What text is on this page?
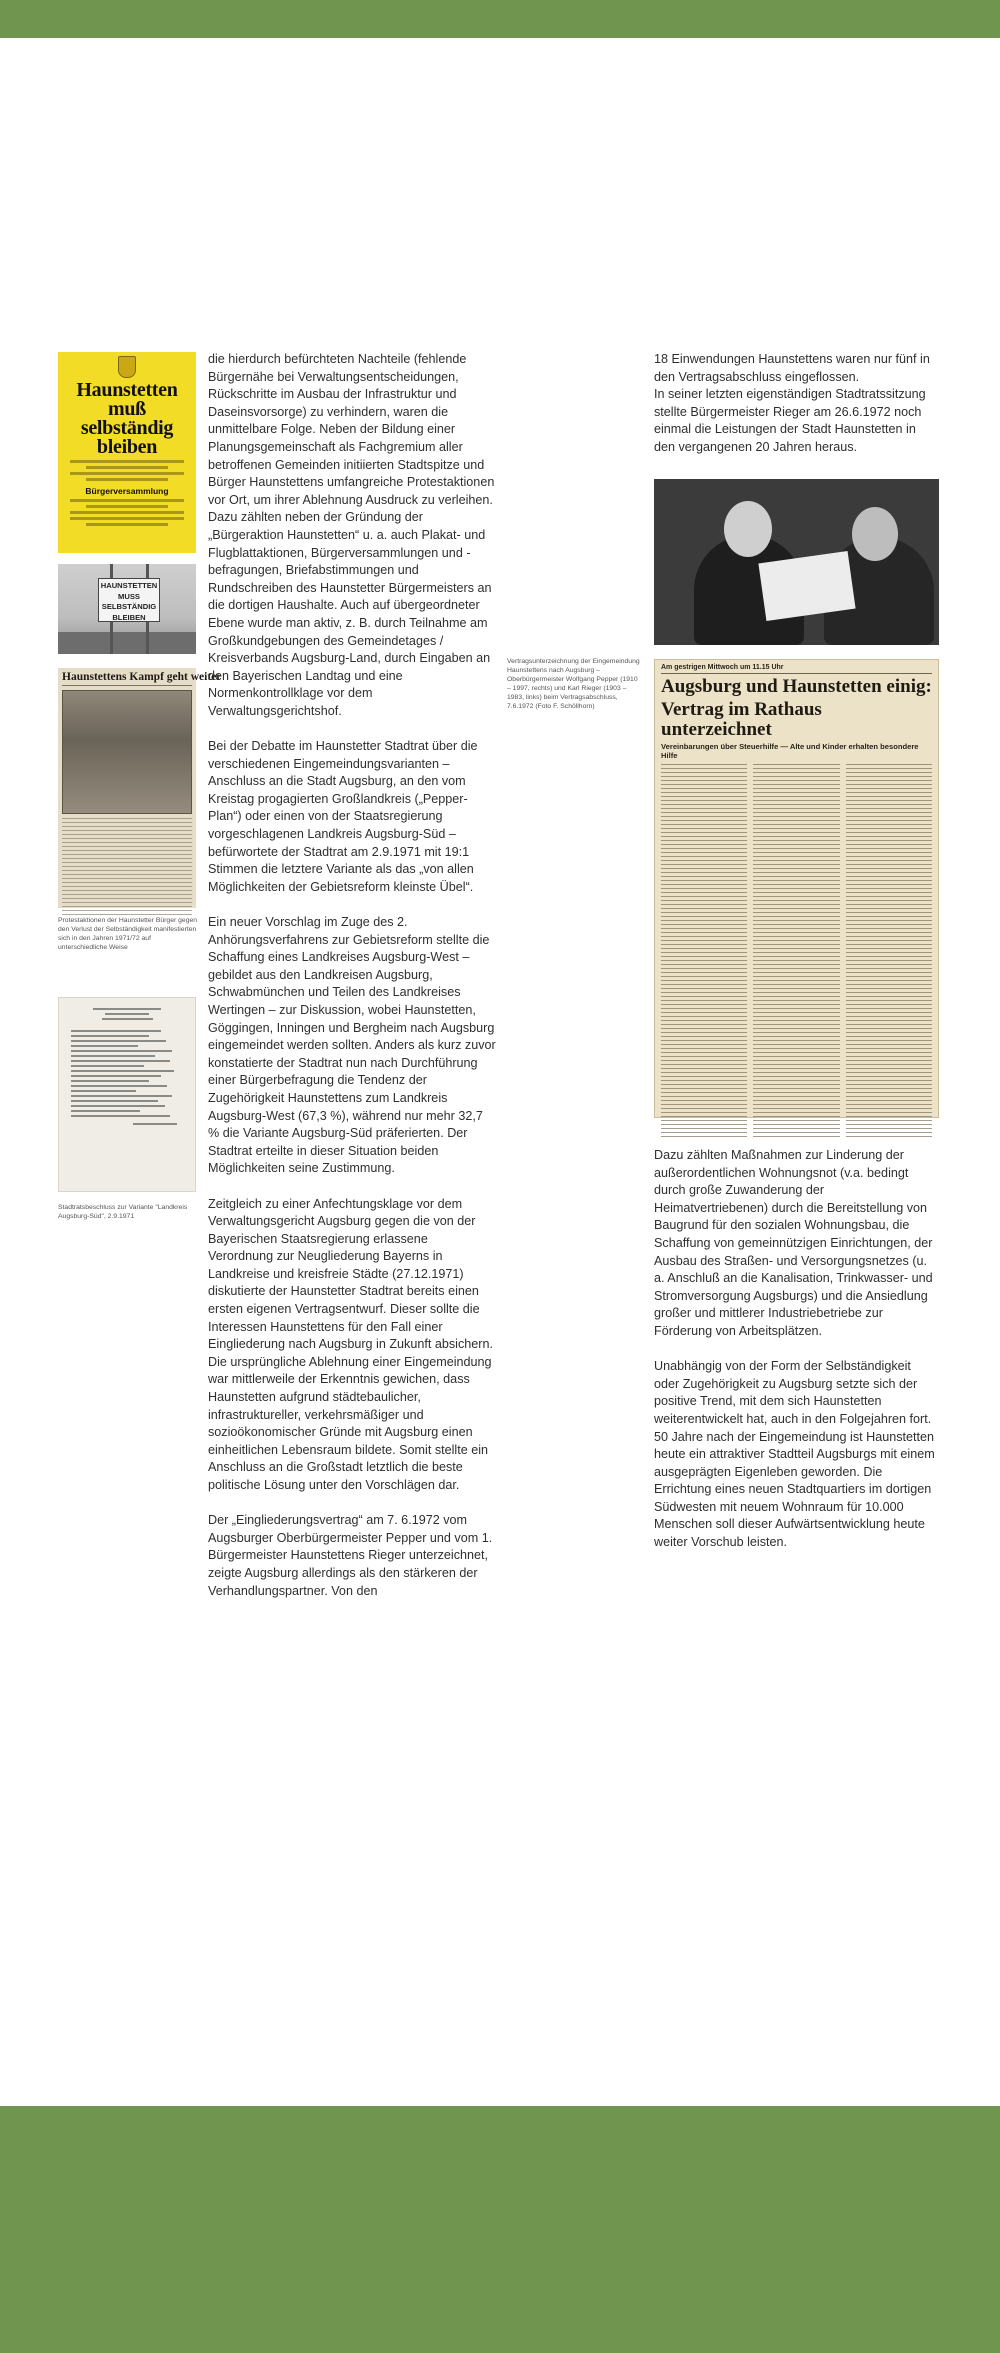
Haunstetten
muß selbständig
bleiben
Bürgerversammlung
HAUNSTETTEN
MUSS
SELBSTÄNDIG
BLEIBEN
Haunstettens Kampf geht weiter
Protestaktionen der Haunstetter Bürger gegen den Verlust der Selbständigkeit manifestierten sich in den Jahren 1971/72 auf unterschiedliche Weise
Stadtratsbeschluss zur Variante "Landkreis Augsburg-Süd", 2.9.1971

die hierdurch befürchteten Nachteile (fehlende Bürgernähe bei Verwaltungsentscheidungen, Rückschritte im Ausbau der Infrastruktur und Daseinsvorsorge) zu verhindern, waren die unmittelbare Folge. Neben der Bildung einer Planungsgemeinschaft als Fachgremium aller betroffenen Gemeinden initiierten Stadtspitze und Bürger Haunstettens umfangreiche Protestaktionen vor Ort, um ihrer Ablehnung Ausdruck zu verleihen. Dazu zählten neben der Gründung der „Bürgeraktion Haunstetten“ u. a. auch Plakat- und Flugblattaktionen, Bürgerversammlungen und -befragungen, Briefabstimmungen und Rundschreiben des Haunstetter Bürgermeisters an die dortigen Haushalte. Auch auf übergeordneter Ebene wurde man aktiv, z. B. durch Teilnahme am Großkundgebungen des Gemeindetages / Kreisverbands Augsburg-Land, durch Eingaben an den Bayerischen Landtag und eine Normenkontrollklage vor dem Verwaltungsgerichtshof.

Bei der Debatte im Haunstetter Stadtrat über die verschiedenen Eingemeindungsvarianten – Anschluss an die Stadt Augsburg, an den vom Kreistag progagierten Großlandkreis („Pepper-Plan“) oder einen von der Staatsregierung vorgeschlagenen Landkreis Augsburg-Süd – befürwortete der Stadtrat am 2.9.1971 mit 19:1 Stimmen die letztere Variante als das „von allen Möglichkeiten der Gebietsreform kleinste Übel“.

Ein neuer Vorschlag im Zuge des 2. Anhörungsverfahrens zur Gebietsreform stellte die Schaffung eines Landkreises Augsburg-West – gebildet aus den Landkreisen Augsburg, Schwabmünchen und Teilen des Landkreises Wertingen – zur Diskussion, wobei Haunstetten, Göggingen, Inningen und Bergheim nach Augsburg eingemeindet werden sollten. Anders als kurz zuvor konstatierte der Stadtrat nun nach Durchführung einer Bürgerbefragung die Tendenz der Zugehörigkeit Haunstettens zum Landkreis Augsburg-West (67,3 %), während nur mehr 32,7 % die Variante Augsburg-Süd präferierten. Der Stadtrat erteilte in dieser Situation beiden Möglichkeiten seine Zustimmung.

Zeitgleich zu einer Anfechtungsklage vor dem Verwaltungsgericht Augsburg gegen die von der Bayerischen Staatsregierung erlassene Verordnung zur Neugliederung Bayerns in Landkreise und kreisfreie Städte (27.12.1971) diskutierte der Haunstetter Stadtrat bereits einen ersten eigenen Vertragsentwurf. Dieser sollte die Interessen Haunstettens für den Fall einer Eingliederung nach Augsburg in Zukunft absichern. Die ursprüngliche Ablehnung einer Eingemeindung war mittlerweile der Erkenntnis gewichen, dass Haunstetten aufgrund städtebaulicher, infrastruktureller, verkehrsmäßiger und sozioökonomischer Gründe mit Augsburg einen einheitlichen Lebensraum bildete. Somit stellte ein Anschluss an die Großstadt letztlich die beste politische Lösung unter den Vorschlägen dar.

Der „Eingliederungsvertrag“ am 7. 6.1972 vom Augsburger Oberbürgermeister Pepper und vom 1. Bürgermeister Haunstettens Rieger unterzeichnet, zeigte Augsburg allerdings als den stärkeren der Verhandlungspartner. Von den

18 Einwendungen Haunstettens waren nur fünf in den Vertragsabschluss eingeflossen.
In seiner letzten eigenständigen Stadtratssitzung stellte Bürgermeister Rieger am 26.6.1972 noch einmal die Leistungen der Stadt Haunstetten in den vergangenen 20 Jahren heraus.

Vertragsunterzeichnung der Eingemeindung Haunstettens nach Augsburg – Oberbürgermeister Wolfgang Pepper (1910 – 1997, rechts) und Karl Rieger (1903 – 1983, links) beim Vertragsabschluss, 7.6.1972 (Foto F. Schöllhorn)
Am gestrigen Mittwoch um 11.15 Uhr
Augsburg und Haunstetten einig:
Vertrag im Rathaus unterzeichnet
Vereinbarungen über Steuerhilfe — Alte und Kinder erhalten besondere Hilfe

Dazu zählten Maßnahmen zur Linderung der außerordentlichen Wohnungsnot (v.a. bedingt durch große Zuwanderung der Heimatvertriebenen) durch die Bereitstellung von Baugrund für den sozialen Wohnungsbau, die Schaffung von gemeinnützigen Einrichtungen, der Ausbau des Straßen- und Versorgungsnetzes (u. a. Anschluß an die Kanalisation, Trinkwasser- und Stromversorgung Augsburgs) und die Ansiedlung großer und mittlerer Industriebetriebe zur Förderung von Arbeitsplätzen.

Unabhängig von der Form der Selbständigkeit oder Zugehörigkeit zu Augsburg setzte sich der positive Trend, mit dem sich Haunstetten weiterentwickelt hat, auch in den Folgejahren fort. 50 Jahre nach der Eingemeindung ist Haunstetten heute ein attraktiver Stadtteil Augsburgs mit einem ausgeprägten Eigenleben geworden. Die Errichtung eines neuen Stadtquartiers im dortigen Südwesten mit neuem Wohnraum für 10.000 Menschen soll dieser Aufwärtsentwicklung heute weiter Vorschub leisten.
